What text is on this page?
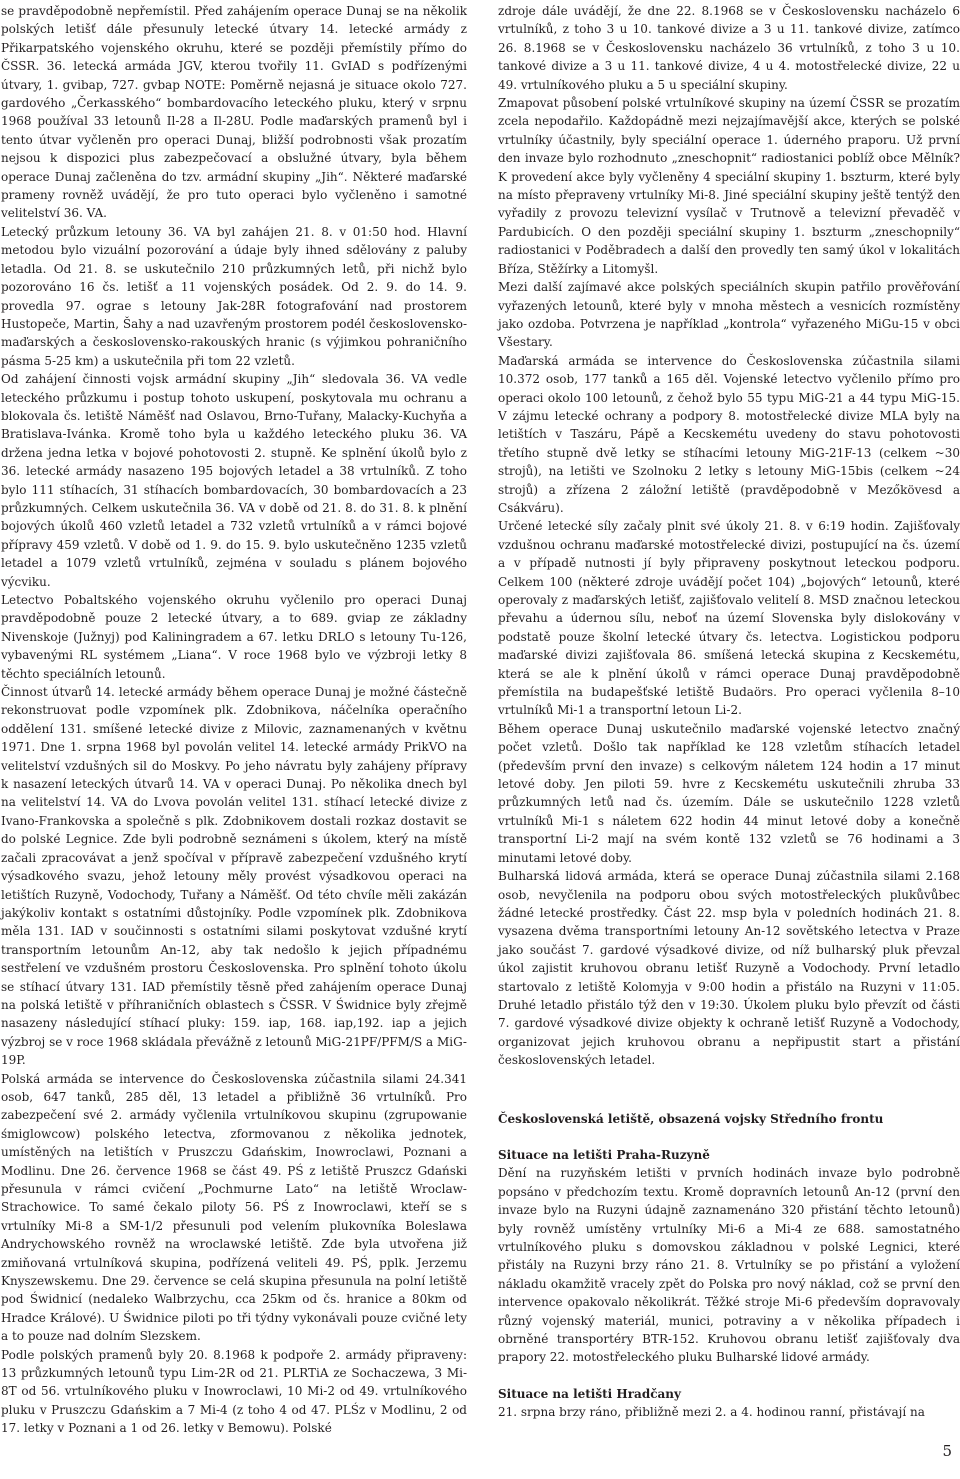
se pravděpodobně nepřemístil. Před zahájením operace Dunaj se na několik polských letišť dále přesunuly letecké útvary 14. letecké armády z Přikarpatského vojenského okruhu, které se později přemístily přímo do ČSSR. 36. letecká armáda JGV, kterou tvořily 11. GvIAD s podřízenými útvary, 1. gvibap, 727. gvbap NOTE: Poměrně nejasná je situace okolo 727. gardového „Čerkasského“ bombardovacího leteckého pluku, který v srpnu 1968 používal 33 letounů Il-28 a Il-28U. Podle maďarských pramenů byl i tento útvar vyčleněn pro operaci Dunaj, bližší podrobnosti však prozatím nejsou k dispozici plus zabezpečovací a obslužné útvary, byla během operace Dunaj začleněna do tzv. armádní skupiny „Jih“. Některé maďarské prameny rovněž uvádějí, že pro tuto operaci bylo vyčleněno i samotné velitelství 36. VA.

Letecký průzkum letouny 36. VA byl zahájen 21. 8. v 01:50 hod. Hlavní metodou bylo vizuální pozorování a údaje byly ihned sdělovány z paluby letadla. Od 21. 8. se uskutečnilo 210 průzkumných letů, při nichž bylo pozorováno 16 čs. letišť a 11 vojenských posádek. Od 2. 9. do 14. 9. provedla 97. ograe s letouny Jak-28R fotografování nad prostorem Hustopeče, Martin, Šahy a nad uzavřeným prostorem podél československo-maďarských a československo-rakouských hranic (s výjimkou pohraničního pásma 5-25 km) a uskutečnila při tom 22 vzletů.

Od zahájení činnosti vojsk armádní skupiny „Jih“ sledovala 36. VA vedle leteckého průzkumu i postup tohoto uskupení, poskytovala mu ochranu a blokovala čs. letiště Náměšť nad Oslavou, Brno-Tuřany, Malacky-Kuchyňa a Bratislava-Ivánka. Kromě toho byla u každého leteckého pluku 36. VA držena jedna letka v bojové pohotovosti 2. stupně. Ke splnění úkolů bylo z 36. letecké armády nasazeno 195 bojových letadel a 38 vrtulníků. Z toho bylo 111 stíhacích, 31 stíhacích bombardovacích, 30 bombardovacích a 23 průzkumných. Celkem uskutečnila 36. VA v době od 21. 8. do 31. 8. k plnění bojových úkolů 460 vzletů letadel a 732 vzletů vrtulníků a v rámci bojové přípravy 459 vzletů. V době od 1. 9. do 15. 9. bylo uskutečněno 1235 vzletů letadel a 1079 vzletů vrtulníků, zejména v souladu s plánem bojového výcviku.

Letectvo Pobaltského vojenského okruhu vyčlenilo pro operaci Dunaj pravděpodobně pouze 2 letecké útvary, a to 689. gviap ze základny Nivenskoje (Južnyj) pod Kaliningradem a 67. letku DRLO s letouny Tu-126, vybavenými RL systémem „Liana“. V roce 1968 bylo ve výzbroji letky 8 těchto speciálních letounů.

Činnost útvarů 14. letecké armády během operace Dunaj je možné částečně rekonstruovat podle vzpomínek plk. Zdobnikova, náčelníka operačního oddělení 131. smíšené letecké divize z Milovic, zaznamenaných v květnu 1971. Dne 1. srpna 1968 byl povolán velitel 14. letecké armády PrikVO na velitelství vzdušných sil do Moskvy. Po jeho návratu byly zahájeny přípravy k nasazení leteckých útvarů 14. VA v operaci Dunaj. Po několika dnech byl na velitelství 14. VA do Lvova povolán velitel 131. stíhací letecké divize z Ivano-Frankovska a společně s plk. Zdobnikovem dostali rozkaz dostavit se do polské Legnice. Zde byli podrobně seznámeni s úkolem, který na místě začali zpracovávat a jenž spočíval v přípravě zabezpečení vzdušného krytí výsadkového svazu, jehož letouny měly provést výsadkovou operaci na letištích Ruzyně, Vodochody, Tuřany a Náměšť. Od této chvíle měli zakázán jakýkoliv kontakt s ostatními důstojníky. Podle vzpomínek plk. Zdobnikova měla 131. IAD v součinnosti s ostatními silami poskytovat vzdušné krytí transportním letounům An-12, aby tak nedošlo k jejich případnému sestřelení ve vzdušném prostoru Československa. Pro splnění tohoto úkolu se stíhací útvary 131. IAD přemístily těsně před zahájením operace Dunaj na polská letiště v příhraničních oblastech s ČSSR. V Świdnice byly zřejmě nasazeny následující stíhací pluky: 159. iap, 168. iap,192. iap a jejich výzbroj se v roce 1968 skládala převážně z letounů MiG-21PF/PFM/S a MiG-19P.

Polská armáda se intervence do Československa zúčastnila silami 24.341 osob, 647 tanků, 285 děl, 13 letadel a přibližně 36 vrtulníků. Pro zabezpečení své 2. armády vyčlenila vrtulníkovou skupinu (zgrupowanie śmiglowcow) polského letectva, zformovanou z několika jednotek, umístěných na letištích v Pruszczu Gdańskim, Inowroclawi, Poznani a Modlinu. Dne 26. července 1968 se část 49. PŚ z letiště Pruszcz Gdański přesunula v rámci cvičení „Pochmurne Lato“ na letiště Wroclaw-Strachowice. To samé čekalo piloty 56. PŚ z Inowroclawi, kteří se s vrtulníky Mi-8 a SM-1/2 přesunuli pod velením plukovníka Boleslawa Andrychowského rovněž na wroclawské letiště. Zde byla utvořena již zmiňovaná vrtulníková skupina, podřízená veliteli 49. PŚ, pplk. Jerzemu Knyszewskemu. Dne 29. července se celá skupina přesunula na polní letiště pod Świdnicí (nedaleko Walbrzychu, cca 25km od čs. hranice a 80km od Hradce Králové). U Świdnice piloti po tři týdny vykonávali pouze cvičné lety a to pouze nad dolním Slezskem.

Podle polských pramenů byly 20. 8.1968 k podpoře 2. armády připraveny: 13 průzkumných letounů typu Lim-2R od 21. PLRTiA ze Sochaczewa, 3 Mi-8T od 56. vrtulníkového pluku v Inowroclawi, 10 Mi-2 od 49. vrtulníkového pluku v Pruszczu Gdańskim a 7 Mi-4 (z toho 4 od 47. PLŚz v Modlinu, 2 od 17. letky v Poznani a 1 od 26. letky v Bemowu). Polské

zdroje dále uvádějí, že dne 22. 8.1968 se v Československu nacházelo 6 vrtulníků, z toho 3 u 10. tankové divize a 3 u 11. tankové divize, zatímco 26. 8.1968 se v Československu nacházelo 36 vrtulníků, z toho 3 u 10. tankové divize a 3 u 11. tankové divize, 4 u 4. motostřelecké divize, 22 u 49. vrtulníkového pluku a 5 u speciální skupiny.

Zmapovat působení polské vrtulníkové skupiny na území ČSSR se prozatím zcela nepodařilo. Každopádně mezi nejzajímavější akce, kterých se polské vrtulníky účastnily, byly speciální operace 1. úderného praporu. Už první den invaze bylo rozhodnuto „zneschopnit“ radiostanici poblíž obce Mělník? K provedení akce byly vyčleněny 4 speciální skupiny 1. bszturm, které byly na místo přepraveny vrtulníky Mi-8. Jiné speciální skupiny ještě tentýž den vyřadily z provozu televizní vysílač v Trutnově a televizní převaděč v Pardubicích. O den později speciální skupiny 1. bszturm „zneschopnily“ radiostanici v Poděbradech a další den provedly ten samý úkol v lokalitách Bříza, Stěžírky a Litomyšl.

Mezi další zajímavé akce polských speciálních skupin patřilo prověřování vyřazených letounů, které byly v mnoha městech a vesnicích rozmístěny jako ozdoba. Potvrzena je například „kontrola“ vyřazeného MiGu-15 v obci Všestary.

Maďarská armáda se intervence do Československa zúčastnila silami 10.372 osob, 177 tanků a 165 děl. Vojenské letectvo vyčlenilo přímo pro operaci okolo 100 letounů, z čehož bylo 55 typu MiG-21 a 44 typu MiG-15. V zájmu letecké ochrany a podpory 8. motostřelecké divize MLA byly na letištích v Taszáru, Pápě a Kecskemétu uvedeny do stavu pohotovosti třetího stupně dvě letky se stíhacími letouny MiG-21F-13 (celkem ~30 strojů), na letišti ve Szolnoku 2 letky s letouny MiG-15bis (celkem ~24 strojů) a zřízena 2 záložní letiště (pravděpodobně v Mezőkövesd a Csákváru).

Určené letecké síly začaly plnit své úkoly 21. 8. v 6:19 hodin. Zajišťovaly vzdušnou ochranu maďarské motostřelecké divizi, postupující na čs. území a v případě nutnosti jí byly připraveny poskytnout leteckou podporu. Celkem 100 (některé zdroje uvádějí počet 104) „bojových“ letounů, které operovaly z maďarských letišť, zajišťovalo velitelí 8. MSD značnou leteckou převahu a údernou sílu, neboť na území Slovenska byly dislokovány v podstatě pouze školní letecké útvary čs. letectva. Logistickou podporu maďarské divizi zajišťovala 86. smíšená letecká skupina z Kecskemétu, která se ale k plnění úkolů v rámci operace Dunaj pravděpodobně přemístila na budapešťské letiště Budaörs. Pro operaci vyčlenila 8–10 vrtulníků Mi-1 a transportní letoun Li-2.

Během operace Dunaj uskutečnilo maďarské vojenské letectvo značný počet vzletů. Došlo tak například ke 128 vzletům stíhacích letadel (především první den invaze) s celkovým náletem 124 hodin a 17 minut letové doby. Jen piloti 59. hvre z Kecskemétu uskutečnili zhruba 33 průzkumných letů nad čs. územím. Dále se uskutečnilo 1228 vzletů vrtulníků Mi-1 s náletem 622 hodin 44 minut letové doby a konečně transportní Li-2 mají na svém kontě 132 vzletů se 76 hodinami a 3 minutami letové doby.

Bulharská lidová armáda, která se operace Dunaj zúčastnila silami 2.168 osob, nevyčlenila na podporu obou svých motostřeleckých plukůvůbec žádné letecké prostředky. Část 22. msp byla v poledních hodinách 21. 8. vysazena dvěma transportními letouny An-12 sovětského letectva v Praze jako součást 7. gardové výsadkové divize, od níž bulharský pluk převzal úkol zajistit kruhovou obranu letišť Ruzyně a Vodochody. První letadlo startovalo z letiště Kolomyja v 9:00 hodin a přistálo na Ruzyni v 11:05. Druhé letadlo přistálo týž den v 19:30. Úkolem pluku bylo převzít od části 7. gardové výsadkové divize objekty k ochraně letišť Ruzyně a Vodochody, organizovat jejich kruhovou obranu a nepřipustit start a přistání československých letadel.

Československá letiště, obsazená vojsky Středního frontu
Situace na letišti Praha-Ruzyně

Dění na ruzyňském letišti v prvních hodinách invaze bylo podrobně popsáno v předchozím textu. Kromě dopravních letounů An-12 (první den invaze bylo na Ruzyni údajně zaznamenáno 320 přistání těchto letounů) byly rovněž umístěny vrtulníky Mi-6 a Mi-4 ze 688. samostatného vrtulníkového pluku s domovskou základnou v polské Legnici, které přistály na Ruzyni brzy ráno 21. 8. Vrtulníky se po přistání a vyložení nákladu okamžitě vracely zpět do Polska pro nový náklad, což se první den intervence opakovalo několikrát. Těžké stroje Mi-6 především dopravovaly různý vojenský materiál, munici, potraviny a v několika případech i obrněné transportéry BTR-152. Kruhovou obranu letišť zajišťovaly dva prapory 22. motostřeleckého pluku Bulharské lidové armády.

Situace na letišti Hradčany

21. srpna brzy ráno, přibližně mezi 2. a 4. hodinou ranní, přistávají na

5
